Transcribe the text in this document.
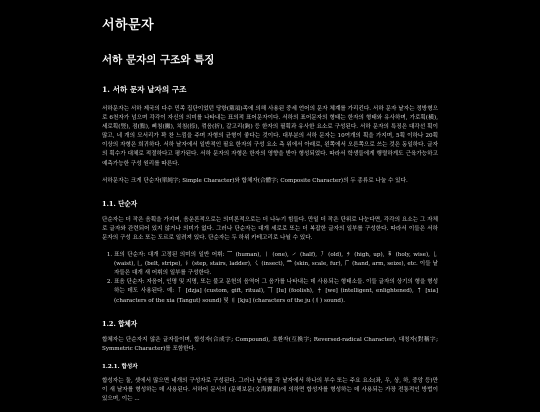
서하문자
서하 문자의 구조와 특징
1. 서하 문자 낱자의 구조

서하문자는 서하 제국의 다수 민족 집단이었던 당항(黨項)족에 의해 사용된 중세 언어의 문자 체계를 가리킨다. 서하 문자 낱자는 정방형으로 6천자가 넘으며 각각이 자신의 의미를 나타내는 표의적 표어문자이다. 서하의 표어문자의 형태는 한자의 형태와 유사하며, 가로획(橫), 세로획(竪), 점(點), 삐침(撇), 치침(捺), 꺾음(折), 갈고리(鉤) 등 한자의 필획과 유사한 요소로 구성된다. 서하 문자의 특징은 대각선 획이 많고, 네 개의 모서리가 꽉 찬 느낌을 주며 자형의 균형이 좋다는 것이다. 대부분의 서하 문자는 10여개의 획을 가지며, 5획 이하나 20획 이상의 자형은 희귀하다. 서하 낱자에서 일반적인 필요 한자의 구성 요소 측 위에서 아래로, 왼쪽에서 오른쪽으로 쓰는 것은 동일하다. 글자의 획수가 대체로 적절하다고 평가된다. 서하 문자의 자형은 한자의 영향을 받아 형성되었다. 따라서 학생들에게 행렬하게도 근육가능하고 예측가능한 구성 원리를 따른다.

서하문자는 크게 단순자(單純字; Simple Character)와 합체자(合體字; Composite Character)의 두 종류로 나눌 수 있다.

1.1. 단순자

단순자는 더 작은 음획을 가지며, 음운론적으로는 의미론적으로는 더 나누기 힘들다. 만일 더 작은 단위로 나눈다면, 각각의 요소는 그 자체로 글자와 관련되어 있지 않거나 의미가 없다. 그러나 단순자는 대개 세로로 또는 더 복잡한 글자의 일부를 구성한다. 따라서 이들은 서하 문자의 구성 요소 또는 도르로 일려져 있다. 단순자는 두 하위 카테고리로 나뉠 수 있다.

1. 표의 단순자: 대개 고정된 의미의 일반 어휘: 𘠀 (human), 𘠁 (one), 𘠂 (half), 𘠃 (old), 𘠄 (high, up), 𘠅 (holy, wise), 𘠆 (waist), 𘠇 (belt, stripe), 𘠈 (step, stairs, ladder), 𘠉 (insect), 𘠊 (skin, scale, fur), 𘠋 (hand, arm, seize), etc. 이들 낱자들은 대개 새 어휘의 일부를 구성한다.
2. 표음 단순자: 자음어, 인명 및 지명, 또는 불교 문헌의 음역어 그 음가를 나타내는 데 사용되는 형태소들. 이들 글자의 상기의 형을 형성하는 데도 사용된다. 예: 𘠌 [dzja] (custom, gift, ritual), 𘠍 [lu] (foolish), 𘠎 [we] (intelligent, enlightened), 𘠏 [xia] (characters of the xia (Tangut) sound) 및 𘠐 [kju] (characters of the ju (𘠐) sound).
1.2. 합체자

합체자는 단순자지 않은 글자들이며, 합성자(合成字; Compound), 호환자(互換字; Reversed-radical Character), 대칭자(對稱字; Symmetric Character)를 포함한다.

1.2.1. 합성자

합성자는 둘, 셋에서 많으면 네개의 구성자로 구성된다. 그러나 낱자를 각 낱자에서 하나의 부수 또는 주요 요소(좌, 우, 상, 하, 중앙 등)만이 새 낱자를 형성하는 데 사용된다. 서하어 문서의 (문해보문(文海寶韻)에 의하면 합성자를 형성하는 데 사용되는 가장 전통적인 방법이 있으며, 이는 ...
